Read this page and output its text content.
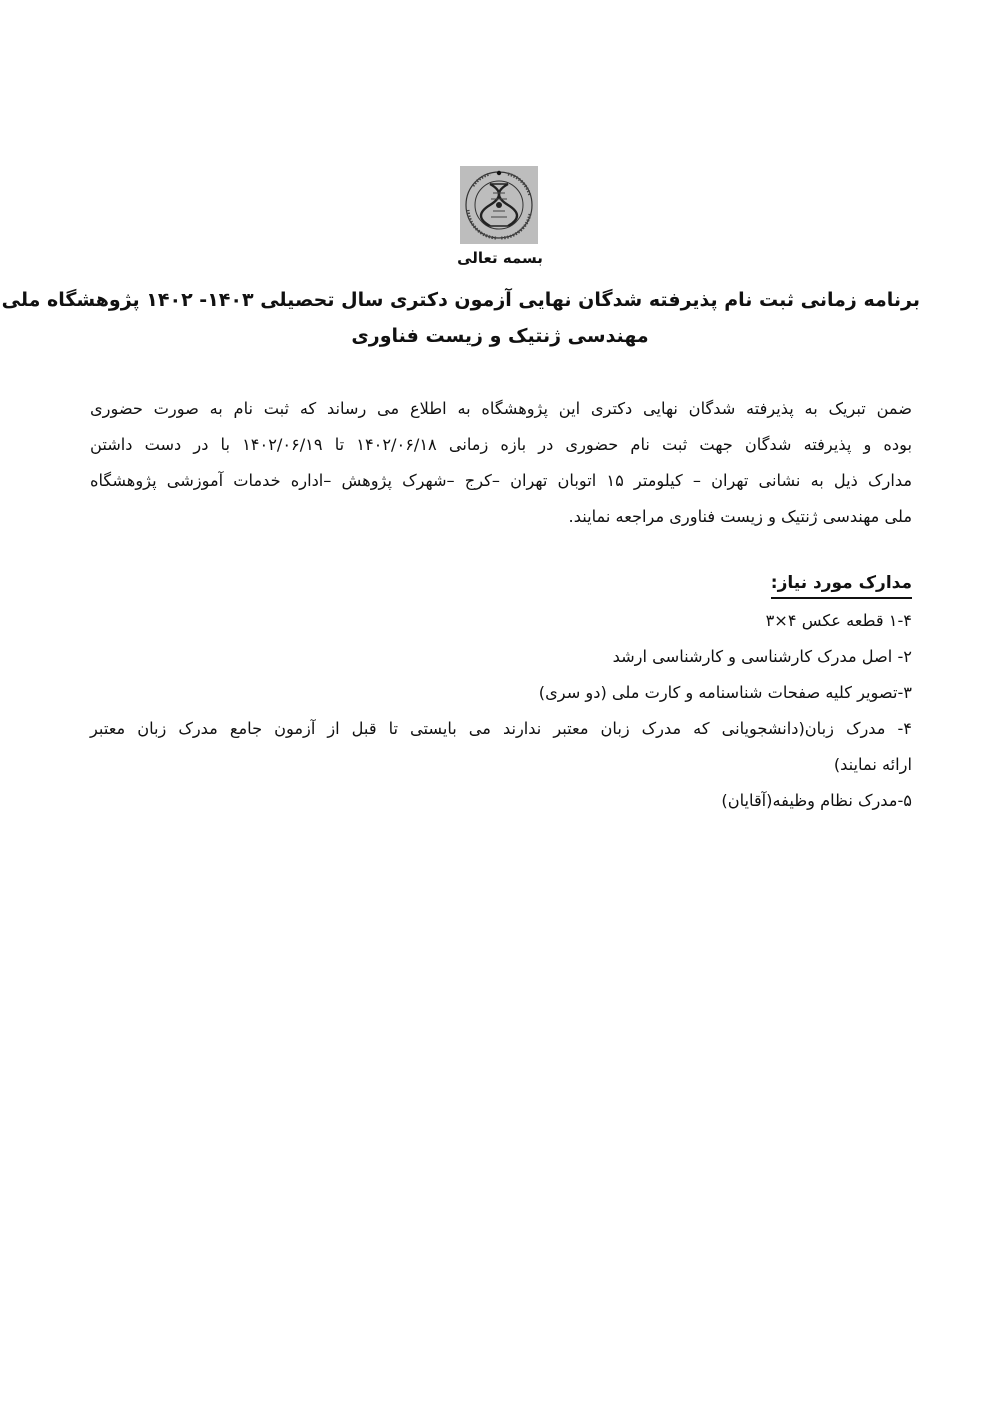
بسمه تعالی
برنامه زمانی ثبت نام پذیرفته شدگان نهایی آزمون دکتری سال تحصیلی ۱۴۰۳- ۱۴۰۲ پژوهشگاه ملی
مهندسی ژنتیک و زیست فناوری
ضمن تبریک به پذیرفته شدگان نهایی دکتری این پژوهشگاه به اطلاع می رساند که ثبت نام به صورت حضوری
بوده و پذیرفته شدگان جهت ثبت نام حضوری در بازه زمانی ۱۴۰۲/۰۶/۱۸ تا ۱۴۰۲/۰۶/۱۹ با در دست داشتن
مدارک ذیل به نشانی تهران – کیلومتر ۱۵ اتوبان تهران –کرج –شهرک پژوهش –اداره خدمات آموزشی پژوهشگاه
ملی مهندسی ژنتیک و زیست فناوری مراجعه نمایند.
مدارک مورد نیاز:
۱-۴ قطعه عکس ۴×۳
۲- اصل مدرک کارشناسی و کارشناسی ارشد
۳-تصویر کلیه صفحات شناسنامه و کارت ملی (دو سری)
۴- مدرک زبان(دانشجویانی که مدرک زبان معتبر ندارند می بایستی تا قبل از آزمون جامع مدرک زبان معتبر
ارائه نمایند)
۵-مدرک نظام وظیفه(آقایان)
